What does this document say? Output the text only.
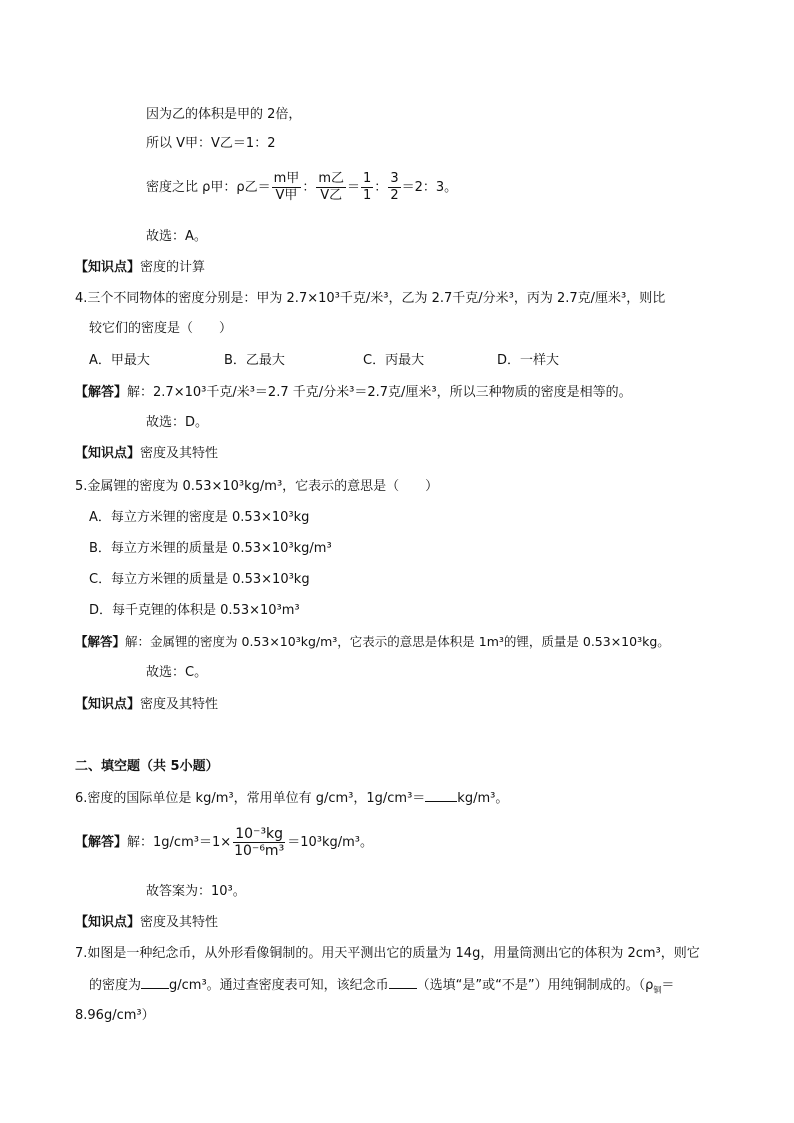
因为乙的体积是甲的 2倍，
所以 V甲：V乙＝1：2
密度之比 ρ甲：ρ乙＝ $\frac{\text{m甲}}{\text{V甲}}$ ： $\frac{\text{m乙}}{\text{V乙}} = \frac{1}{1}$ ： $\frac{3}{2} =2$：3。
故选：A。
【知识点】密度的计算
4.三个不同物体的密度分别是：甲为 2.7×10³千克/米³，乙为 2.7千克/分米³，丙为 2.7克/厘米³，则比
较它们的密度是（　　）
A．甲最大	B．乙最大	C．丙最大	D．一样大
【解答】解：2.7×10³千克/米³＝2.7 千克/分米³＝2.7克/厘米³，所以三种物质的密度是相等的。
故选：D。
【知识点】密度及其特性
5.金属锂的密度为 0.53×10³kg/m³，它表示的意思是（　　）
A．每立方米锂的密度是 0.53×10³kg
B．每立方米锂的质量是 0.53×10³kg/m³
C．每立方米锂的质量是 0.53×10³kg
D．每千克锂的体积是 0.53×10³m³
【解答】解：金属锂的密度为 0.53×10³kg/m³，它表示的意思是体积是 1m³的锂，质量是 0.53×10³kg。
故选：C。
【知识点】密度及其特性
二、填空题（共 5小题）
6.密度的国际单位是 kg/m³，常用单位有 g/cm³，1g/cm³＝ kg/m³。
【解答】解：$1g/cm^3=1\times \frac{\text{10⁻³kg}}{\text{10⁻⁶m³}} =10^3kg/m^3$。
故答案为：10³。
【知识点】密度及其特性
7.如图是一种纪念币，从外形看像铜制的。用天平测出它的质量为 14g，用量筒测出它的体积为 2cm³，则它
的密度为 g/cm³。通过查密度表可知，该纪念币 （选填“是”或“不是”）用纯铜制成的。（$\rho_铜=$
8.96g/cm³）
